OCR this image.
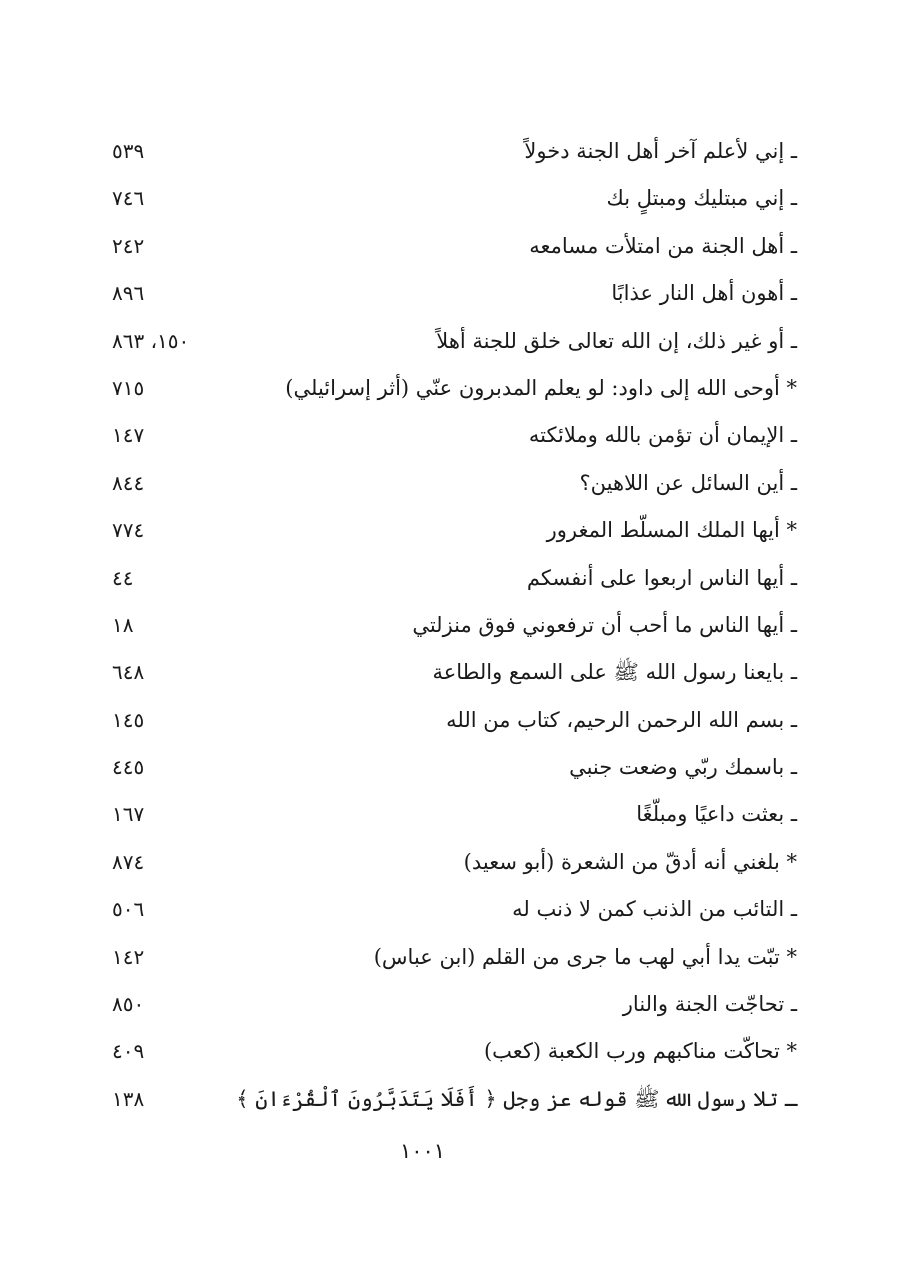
ـ إني لأعلم آخر أهل الجنة دخولاً
٥٣٩
ـ إني مبتليك ومبتلٍ بك
٧٤٦
ـ أهل الجنة من امتلأت مسامعه
٢٤٢
ـ أهون أهل النار عذابًا
٨٩٦
ـ أو غير ذلك، إن الله تعالى خلق للجنة أهلاً
١٥٠، ٨٦٣
* أوحى الله إلى داود: لو يعلم المدبرون عنّي (أثر إسرائيلي)
٧١٥
ـ الإيمان أن تؤمن بالله وملائكته
١٤٧
ـ أين السائل عن اللاهين؟
٨٤٤
* أيها الملك المسلّط المغرور
٧٧٤
ـ أيها الناس اربعوا على أنفسكم
٤٤
ـ أيها الناس ما أحب أن ترفعوني فوق منزلتي
١٨
ـ بايعنا رسول الله ﷺ على السمع والطاعة
٦٤٨
ـ بسم الله الرحمن الرحيم، كتاب من الله
١٤٥
ـ باسمك ربّي وضعت جنبي
٤٤٥
ـ بعثت داعيًا ومبلّغًا
١٦٧
* بلغني أنه أدقّ من الشعرة (أبو سعيد)
٨٧٤
ـ التائب من الذنب كمن لا ذنب له
٥٠٦
* تبّت يدا أبي لهب ما جرى من القلم (ابن عباس)
١٤٢
ـ تحاجّت الجنة والنار
٨٥٠
* تحاكّت مناكبهم ورب الكعبة (كعب)
٤٠٩
ـ تلا رسول الله ﷺ قوله عز وجل ﴿ أَفَلَا يَتَدَبَّرُونَ ٱلْقُرْءَانَ ﴾
١٣٨
١٠٠١
